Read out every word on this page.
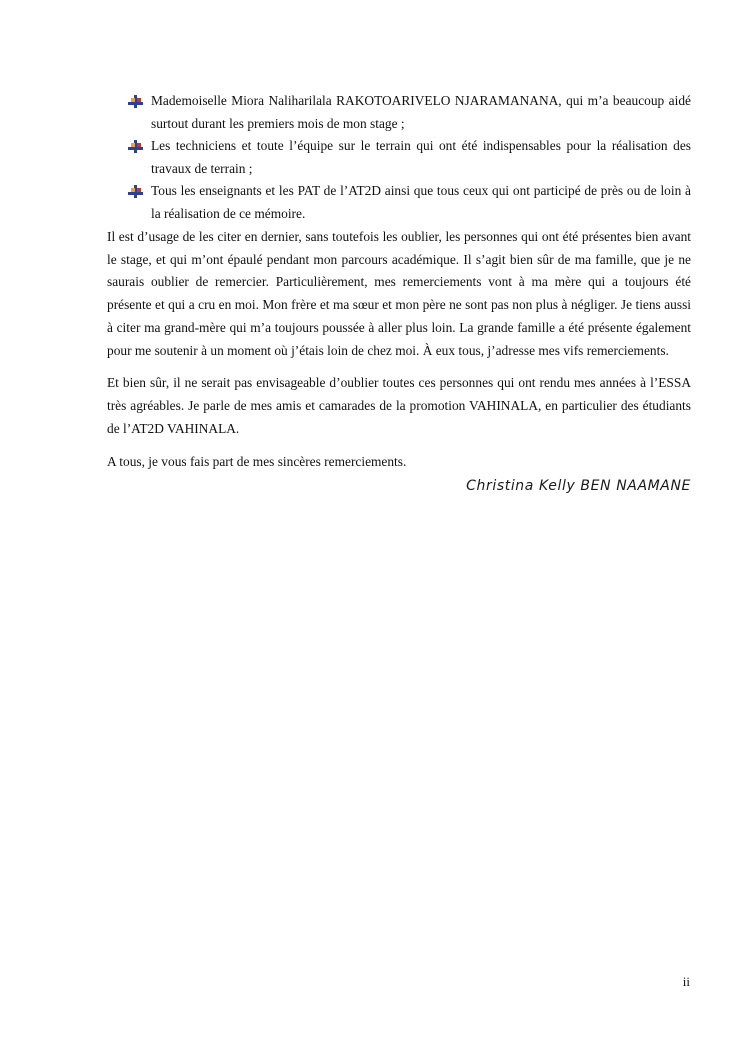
Mademoiselle Miora Naliharilala RAKOTOARIVELO NJARAMANANA, qui m’a beaucoup aidé surtout durant les premiers mois de mon stage ;
Les techniciens et toute l’équipe sur le terrain qui ont été indispensables pour la réalisation des travaux de terrain ;
Tous les enseignants et les PAT de l’AT2D ainsi que tous ceux qui ont participé de près ou de loin à la réalisation de ce mémoire.

Il est d’usage de les citer en dernier, sans toutefois les oublier, les personnes qui ont été présentes bien avant le stage, et qui m’ont épaulé pendant mon parcours académique. Il s’agit bien sûr de ma famille, que je ne saurais oublier de remercier. Particulièrement, mes remerciements vont à ma mère qui a toujours été présente et qui a cru en moi. Mon frère et ma sœur et mon père ne sont pas non plus à négliger. Je tiens aussi à citer ma grand-mère qui m’a toujours poussée à aller plus loin. La grande famille a été présente également pour me soutenir à un moment où j’étais loin de chez moi. À eux tous, j’adresse mes vifs remerciements.

Et bien sûr, il ne serait pas envisageable d’oublier toutes ces personnes qui ont rendu mes années à l’ESSA très agréables. Je parle de mes amis et camarades de la promotion VAHINALA, en particulier des étudiants de l’AT2D VAHINALA.

A tous, je vous fais part de mes sincères remerciements.

Christina Kelly BEN NAAMANE
ii
